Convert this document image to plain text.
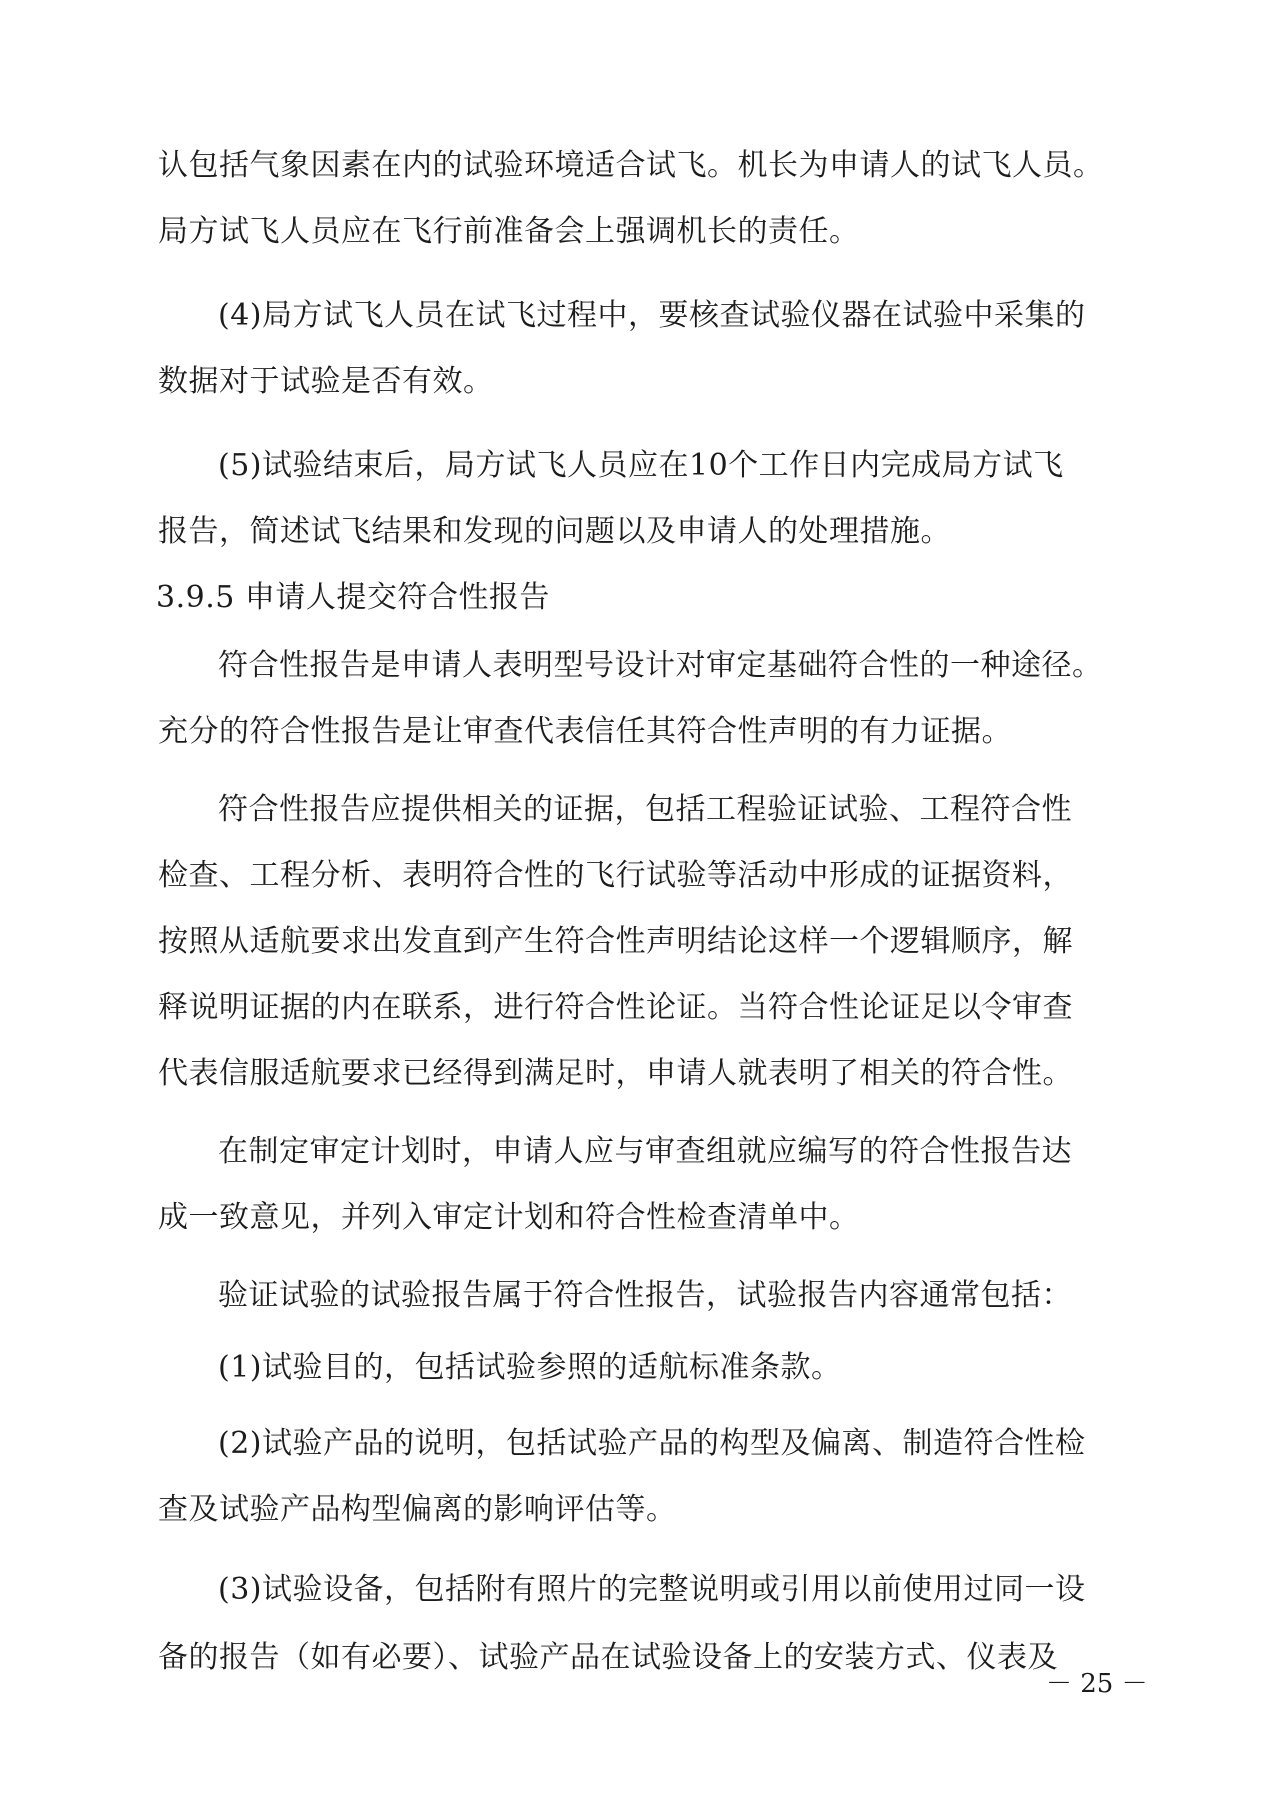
认包括气象因素在内的试验环境适合试飞。机长为申请人的试飞人员。
局方试飞人员应在飞行前准备会上强调机长的责任。
(4)局方试飞人员在试飞过程中，要核查试验仪器在试验中采集的
数据对于试验是否有效。
(5)试验结束后，局方试飞人员应在10个工作日内完成局方试飞
报告，简述试飞结果和发现的问题以及申请人的处理措施。
3.9.5 申请人提交符合性报告
符合性报告是申请人表明型号设计对审定基础符合性的一种途径。
充分的符合性报告是让审查代表信任其符合性声明的有力证据。
符合性报告应提供相关的证据，包括工程验证试验、工程符合性
检查、工程分析、表明符合性的飞行试验等活动中形成的证据资料，
按照从适航要求出发直到产生符合性声明结论这样一个逻辑顺序，解
释说明证据的内在联系，进行符合性论证。当符合性论证足以令审查
代表信服适航要求已经得到满足时，申请人就表明了相关的符合性。
在制定审定计划时，申请人应与审查组就应编写的符合性报告达
成一致意见，并列入审定计划和符合性检查清单中。
验证试验的试验报告属于符合性报告，试验报告内容通常包括：
(1)试验目的，包括试验参照的适航标准条款。
(2)试验产品的说明，包括试验产品的构型及偏离、制造符合性检
查及试验产品构型偏离的影响评估等。
(3)试验设备，包括附有照片的完整说明或引用以前使用过同一设
备的报告（如有必要）、试验产品在试验设备上的安装方式、仪表及
－ 25 －
